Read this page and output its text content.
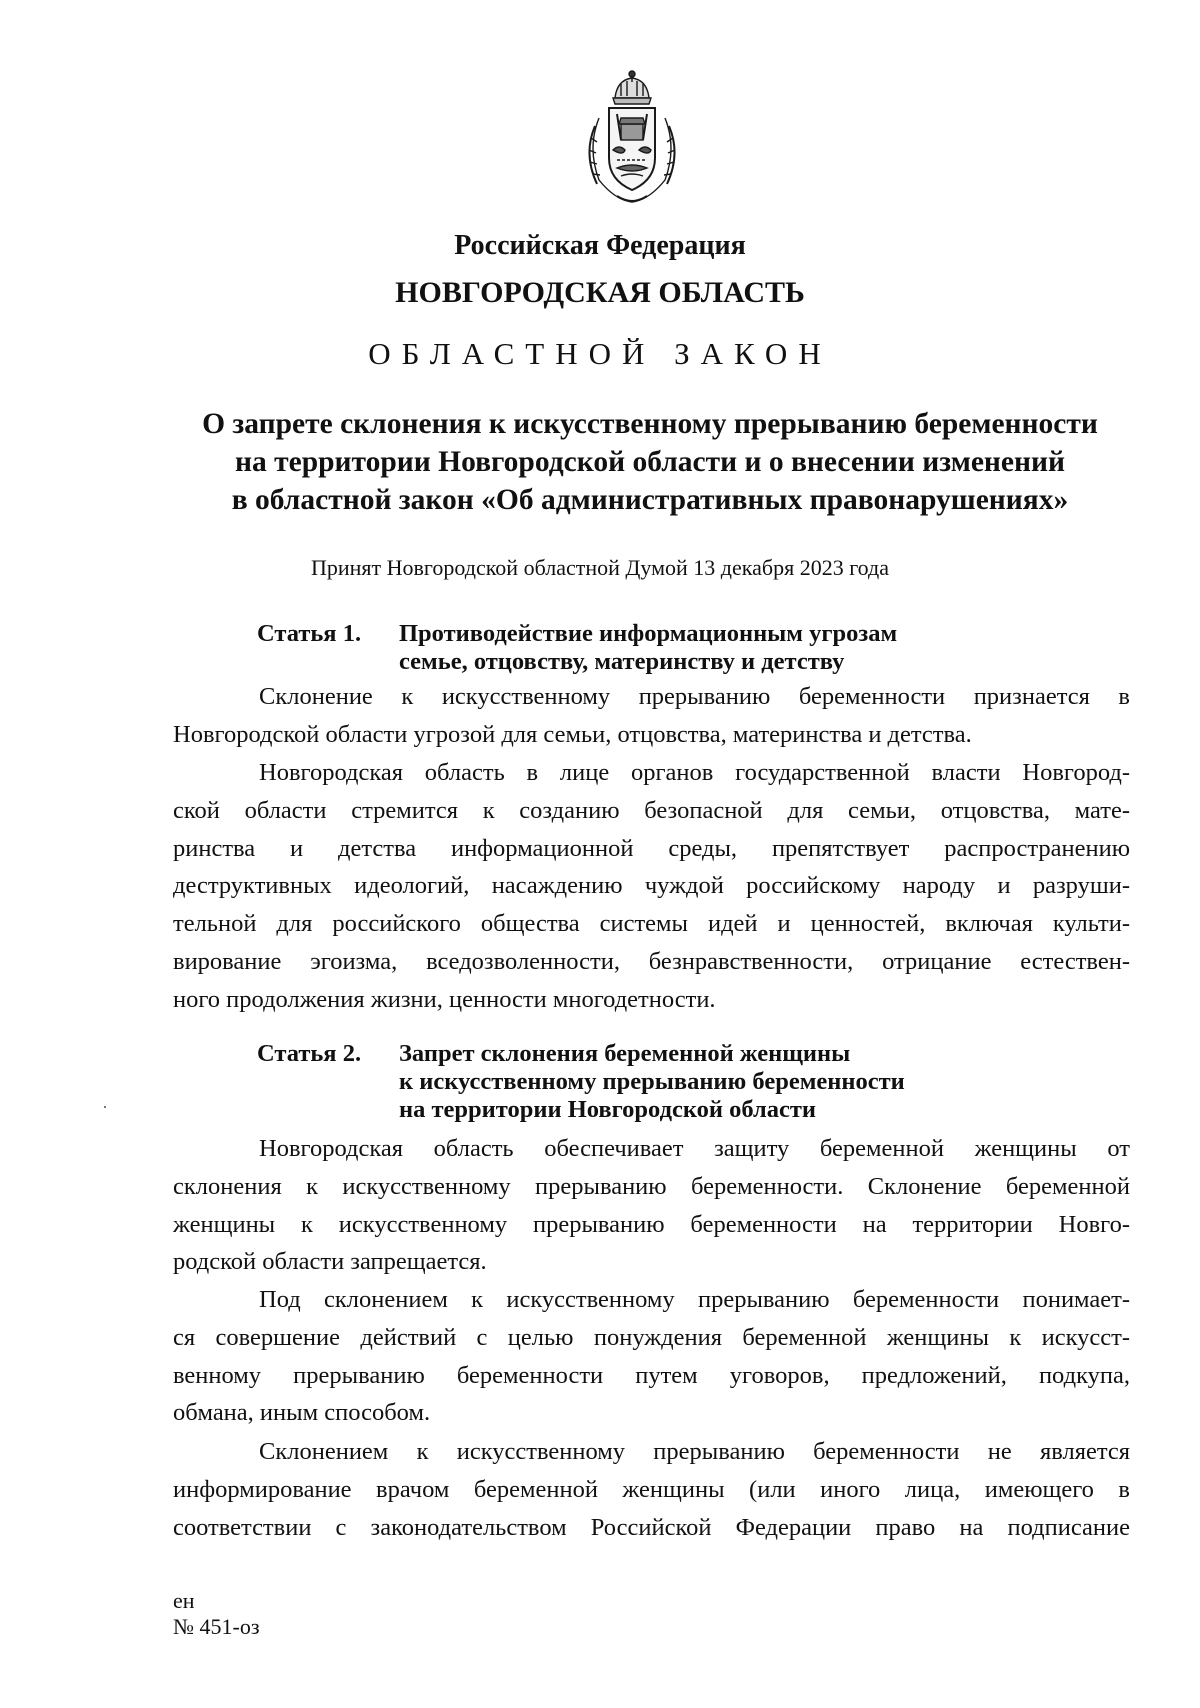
Российская Федерация
НОВГОРОДСКАЯ ОБЛАСТЬ
ОБЛАСТНОЙ ЗАКОН
О запрете склонения к искусственному прерыванию беременности
на территории Новгородской области и о внесении изменений
в областной закон «Об административных правонарушениях»
Принят Новгородской областной Думой 13 декабря 2023 года
Статья 1. Противодействие информационным угрозам
семье, отцовству, материнству и детству
Склонение к искусственному прерыванию беременности признается в
Новгородской области угрозой для семьи, отцовства, материнства и детства.
Новгородская область в лице органов государственной власти Новгород-
ской области стремится к созданию безопасной для семьи, отцовства, мате-
ринства и детства информационной среды, препятствует распространению
деструктивных идеологий, насаждению чуждой российскому народу и разруши-
тельной для российского общества системы идей и ценностей, включая культи-
вирование эгоизма, вседозволенности, безнравственности, отрицание естествен-
ного продолжения жизни, ценности многодетности.
Статья 2. Запрет склонения беременной женщины
к искусственному прерыванию беременности
на территории Новгородской области
Новгородская область обеспечивает защиту беременной женщины от
склонения к искусственному прерыванию беременности. Склонение беременной
женщины к искусственному прерыванию беременности на территории Новго-
родской области запрещается.
Под склонением к искусственному прерыванию беременности понимает-
ся совершение действий с целью понуждения беременной женщины к искусст-
венному прерыванию беременности путем уговоров, предложений, подкупа,
обмана, иным способом.
Склонением к искусственному прерыванию беременности не является
информирование врачом беременной женщины (или иного лица, имеющего в
соответствии с законодательством Российской Федерации право на подписание
ен
№ 451-оз
